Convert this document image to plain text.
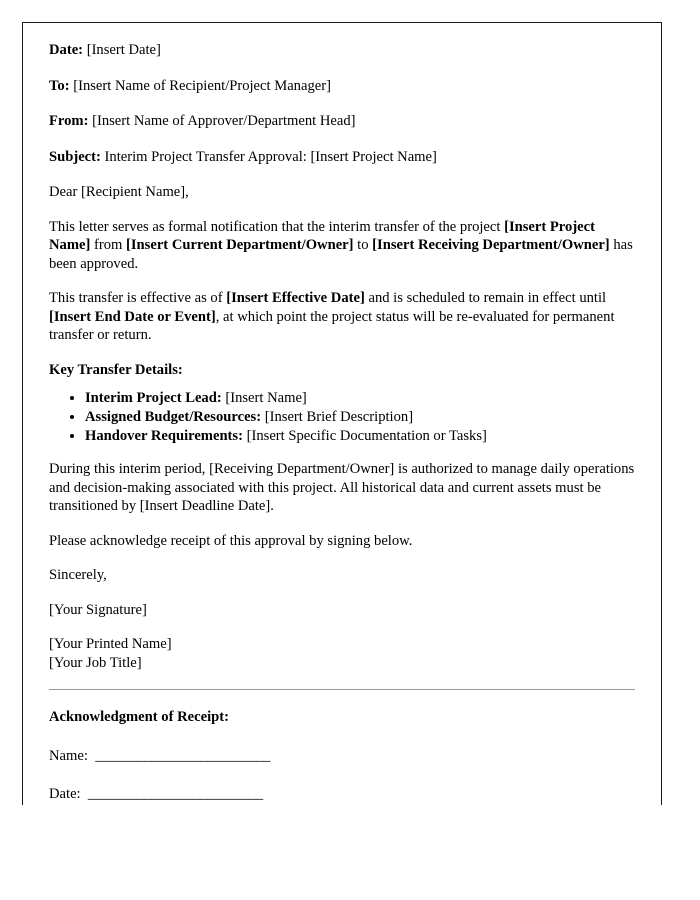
Date: [Insert Date]

To: [Insert Name of Recipient/Project Manager]

From: [Insert Name of Approver/Department Head]

Subject: Interim Project Transfer Approval: [Insert Project Name]

Dear [Recipient Name],

This letter serves as formal notification that the interim transfer of the project [Insert Project Name] from [Insert Current Department/Owner] to [Insert Receiving Department/Owner] has been approved.

This transfer is effective as of [Insert Effective Date] and is scheduled to remain in effect until [Insert End Date or Event], at which point the project status will be re-evaluated for permanent transfer or return.

Key Transfer Details:

• Interim Project Lead: [Insert Name]
• Assigned Budget/Resources: [Insert Brief Description]
• Handover Requirements: [Insert Specific Documentation or Tasks]

During this interim period, [Receiving Department/Owner] is authorized to manage daily operations and decision-making associated with this project. All historical data and current assets must be transitioned by [Insert Deadline Date].

Please acknowledge receipt of this approval by signing below.

Sincerely,

[Your Signature]

[Your Printed Name]

[Your Job Title]

Acknowledgment of Receipt:

Name:  _________________________

Date:  _________________________
